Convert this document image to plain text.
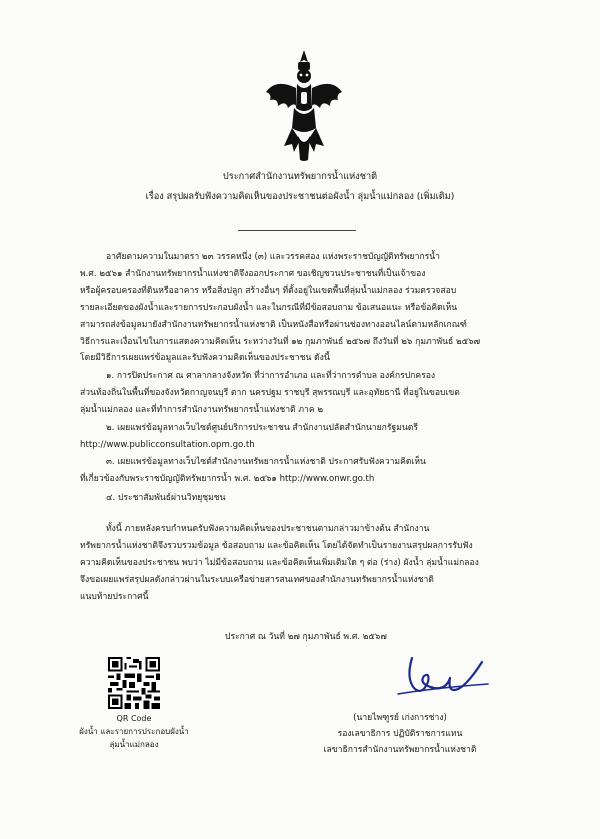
ประกาศสำนักงานทรัพยากรน้ำแห่งชาติ
เรื่อง สรุปผลรับฟังความคิดเห็นของประชาชนต่อผังน้ำ ลุ่มน้ำแม่กลอง (เพิ่มเติม)
อาศัยตามความในมาตรา ๒๓ วรรคหนึ่ง (๓) และวรรคสอง แห่งพระราชบัญญัติทรัพยากรน้ำ
พ.ศ. ๒๕๖๑ สำนักงานทรัพยากรน้ำแห่งชาติจึงออกประกาศ ขอเชิญชวนประชาชนที่เป็นเจ้าของ
หรือผู้ครอบครองที่ดินหรืออาคาร หรือสิ่งปลูก สร้างอื่นๆ ที่ตั้งอยู่ในเขตพื้นที่ลุ่มน้ำแม่กลอง ร่วมตรวจสอบ
รายละเอียดของผังน้ำและรายการประกอบผังน้ำ และในกรณีที่มีข้อสอบถาม ข้อเสนอแนะ หรือข้อคิดเห็น
สามารถส่งข้อมูลมายังสำนักงานทรัพยากรน้ำแห่งชาติ เป็นหนังสือหรือผ่านช่องทางออนไลน์ตามหลักเกณฑ์
วิธีการและเงื่อนไขในการแสดงความคิดเห็น ระหว่างวันที่ ๑๒ กุมภาพันธ์ ๒๕๖๗ ถึงวันที่ ๒๖ กุมภาพันธ์ ๒๕๖๗
โดยมีวิธีการเผยแพร่ข้อมูลและรับฟังความคิดเห็นของประชาชน ดังนี้
๑. การปิดประกาศ ณ ศาลากลางจังหวัด ที่ว่าการอำเภอ และที่ว่าการตำบล องค์กรปกครอง
ส่วนท้องถิ่นในพื้นที่ของจังหวัดกาญจนบุรี ตาก นครปฐม ราชบุรี สุพรรณบุรี และอุทัยธานี ที่อยู่ในขอบเขต
ลุ่มน้ำแม่กลอง และที่ทำการสำนักงานทรัพยากรน้ำแห่งชาติ ภาค ๒
๒. เผยแพร่ข้อมูลทางเว็บไซต์ศูนย์บริการประชาชน สำนักงานปลัดสำนักนายกรัฐมนตรี
http://www.publicconsultation.opm.go.th
๓. เผยแพร่ข้อมูลทางเว็บไซต์สำนักงานทรัพยากรน้ำแห่งชาติ ประกาศรับฟังความคิดเห็น
ที่เกี่ยวข้องกับพระราชบัญญัติทรัพยากรน้ำ พ.ศ. ๒๕๖๑ http://www.onwr.go.th
๔. ประชาสัมพันธ์ผ่านวิทยุชุมชน
ทั้งนี้ ภายหลังครบกำหนดรับฟังความคิดเห็นของประชาชนตามกล่าวมาข้างต้น สำนักงาน
ทรัพยากรน้ำแห่งชาติจึงรวบรวมข้อมูล ข้อสอบถาม และข้อคิดเห็น โดยได้จัดทำเป็นรายงานสรุปผลการรับฟัง
ความคิดเห็นของประชาชน พบว่า ไม่มีข้อสอบถาม และข้อคิดเห็นเพิ่มเติมใด ๆ ต่อ (ร่าง) ผังน้ำ ลุ่มน้ำแม่กลอง
จึงขอเผยแพร่สรุปผลดังกล่าวผ่านในระบบเครือข่ายสารสนเทศของสำนักงานทรัพยากรน้ำแห่งชาติ
แนบท้ายประกาศนี้
ประกาศ ณ วันที่ ๒๗ กุมภาพันธ์ พ.ศ. ๒๕๖๗
QR Code
ผังน้ำ และรายการประกอบผังน้ำ
ลุ่มน้ำแม่กลอง
(นายไพฑูรย์ เก่งการช่าง)
รองเลขาธิการ ปฏิบัติราชการแทน
เลขาธิการสำนักงานทรัพยากรน้ำแห่งชาติ
